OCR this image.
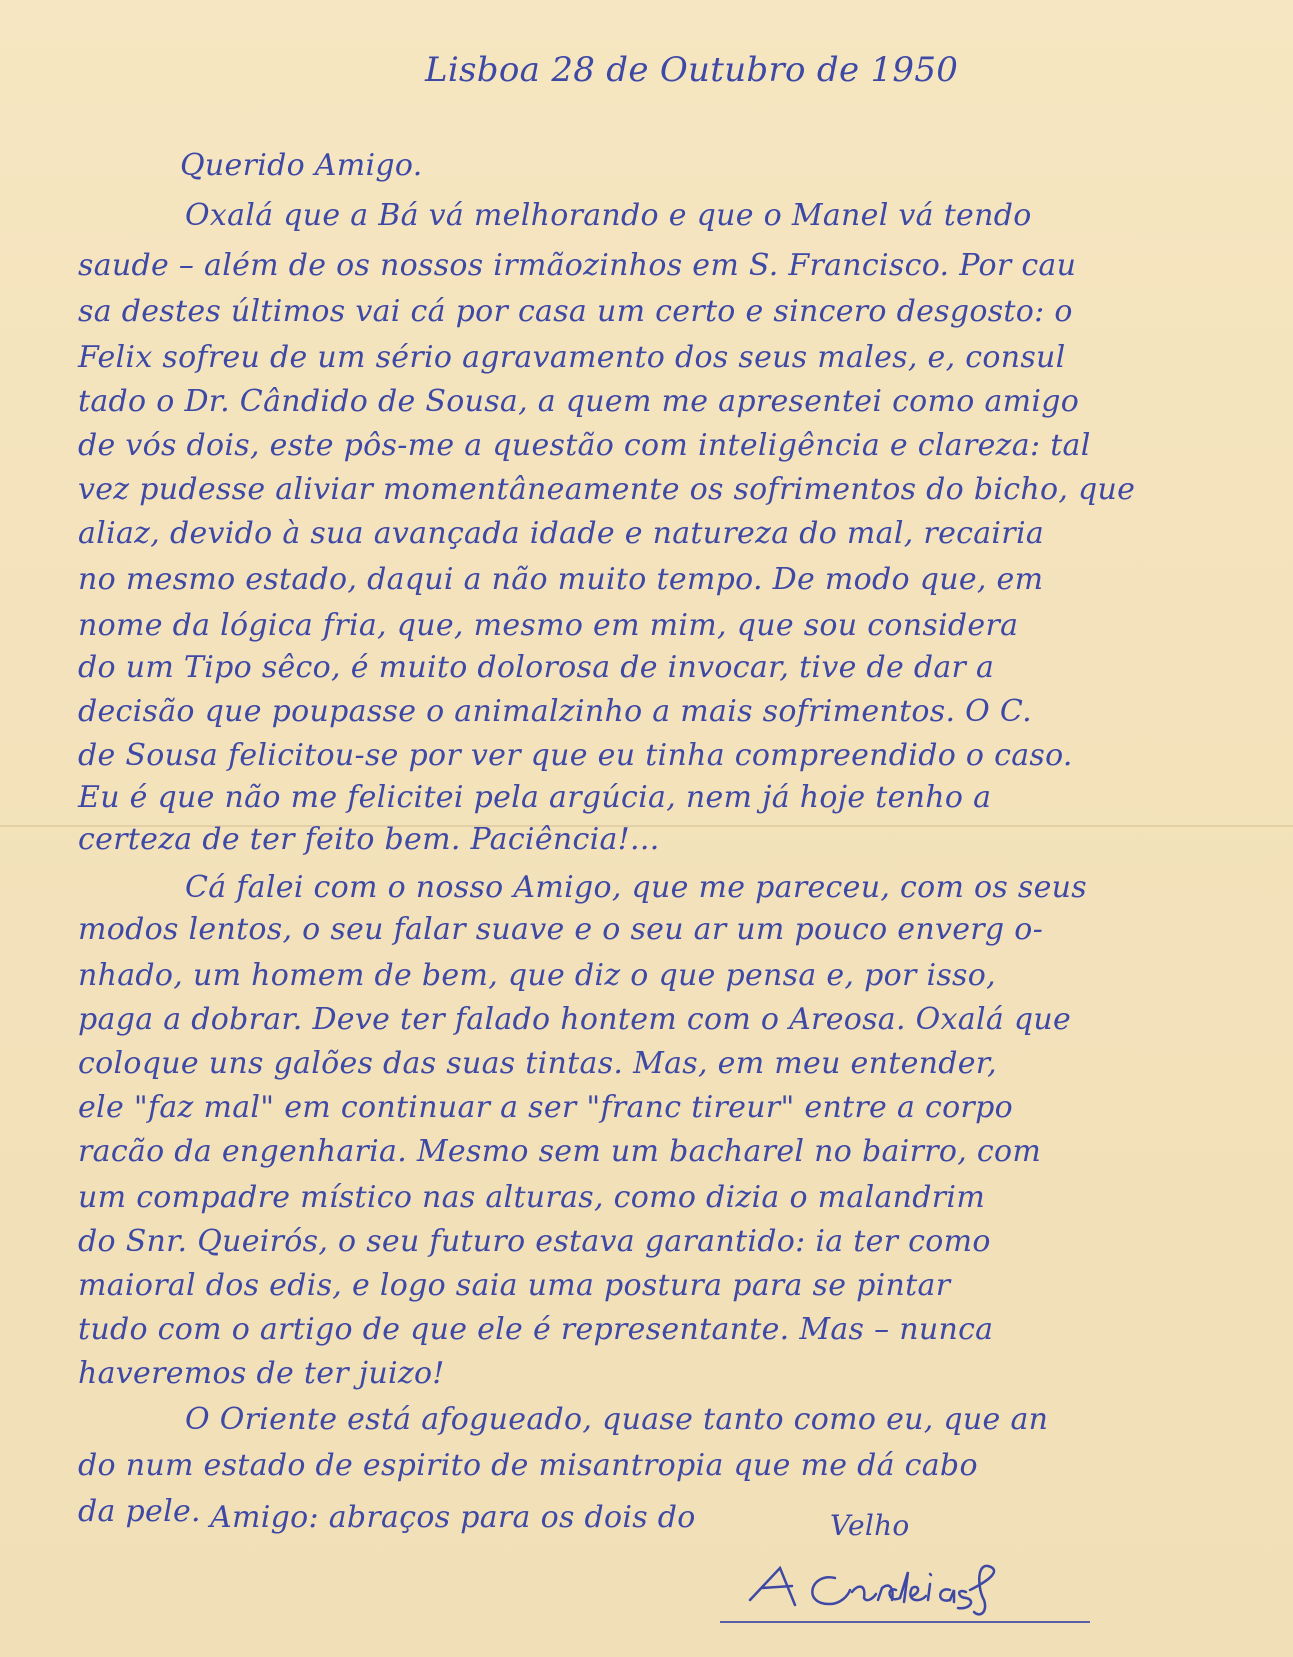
Lisboa 28 de Outubro de 1950
Querido Amigo.
Oxalá que a Bá vá melhorando e que o Manel vá tendo
saude – além de os nossos irmãozinhos em S. Francisco. Por cau
sa destes últimos vai cá por casa um certo e sincero desgosto: o
Felix sofreu de um sério agravamento dos seus males, e, consul
tado o Dr. Cândido de Sousa, a quem me apresentei como amigo
de vós dois, este pôs-me a questão com inteligência e clareza: tal
vez pudesse aliviar momentâneamente os sofrimentos do bicho, que
aliaz, devido à sua avançada idade e natureza do mal, recairia
no mesmo estado, daqui a não muito tempo. De modo que, em
nome da lógica fria, que, mesmo em mim, que sou considera
do um Tipo sêco, é muito dolorosa de invocar, tive de dar a
decisão que poupasse o animalzinho a mais sofrimentos. O C.
de Sousa felicitou-se por ver que eu tinha compreendido o caso.
Eu é que não me felicitei pela argúcia, nem já hoje tenho a
certeza de ter feito bem. Paciência!...
Cá falei com o nosso Amigo, que me pareceu, com os seus
modos lentos, o seu falar suave e o seu ar um pouco enverg o-
nhado, um homem de bem, que diz o que pensa e, por isso,
paga a dobrar. Deve ter falado hontem com o Areosa. Oxalá que
coloque uns galões das suas tintas. Mas, em meu entender,
ele "faz mal" em continuar a ser "franc tireur" entre a corpo
racão da engenharia. Mesmo sem um bacharel no bairro, com
um compadre místico nas alturas, como dizia o malandrim
do Snr. Queirós, o seu futuro estava garantido: ia ter como
maioral dos edis, e logo saia uma postura para se pintar
tudo com o artigo de que ele é representante. Mas – nunca
haveremos de ter juizo!
O Oriente está afogueado, quase tanto como eu, que an
do num estado de espirito de misantropia que me dá cabo
da pele. Amigo: abraços para os dois do	Velho
